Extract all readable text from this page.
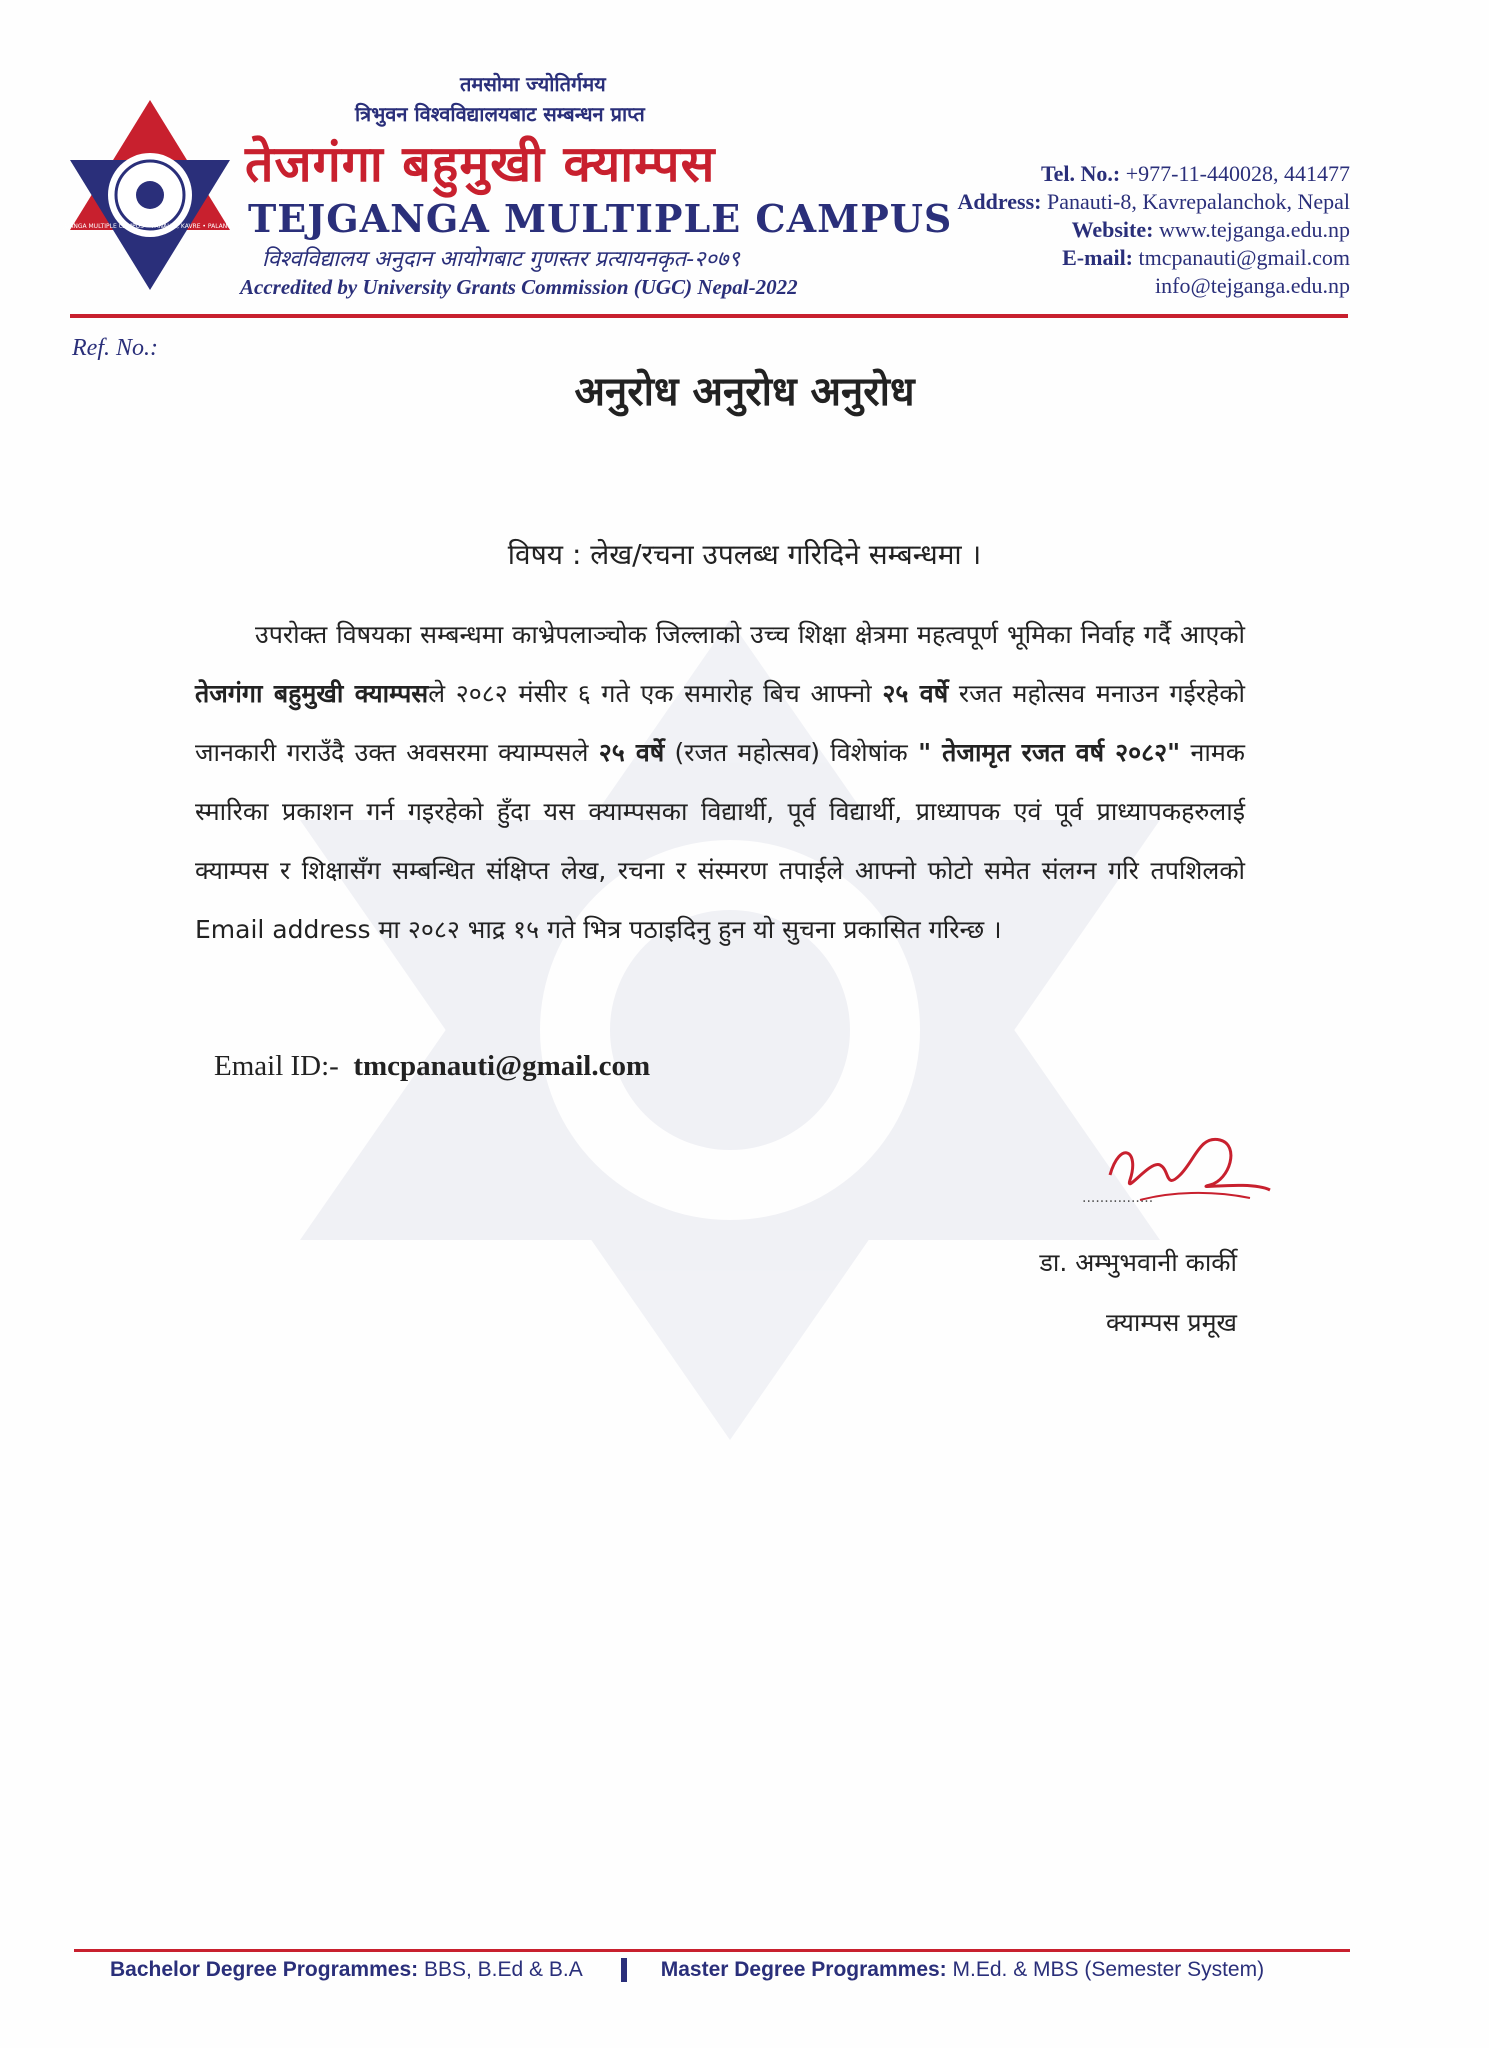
TEJGANGA MULTIPLE CAMPUS • PANAUTI, KAVRE • PALANCHOK
तमसोमा ज्योतिर्गमय
त्रिभुवन विश्वविद्यालयबाट सम्बन्धन प्राप्त
तेजगंगा बहुमुखी क्याम्पस
TEJGANGA MULTIPLE CAMPUS
विश्वविद्यालय अनुदान आयोगबाट गुणस्तर प्रत्यायनकृत-२०७९
Accredited by University Grants Commission (UGC) Nepal-2022
Tel. No.: +977-11-440028, 441477
Address: Panauti-8, Kavrepalanchok, Nepal
Website: www.tejganga.edu.np
E-mail: tmcpanauti@gmail.com
info@tejganga.edu.np
Ref. No.:
अनुरोध अनुरोध अनुरोध
विषय : लेख/रचना उपलब्ध गरिदिने सम्बन्धमा ।
उपरोक्त विषयका सम्बन्धमा काभ्रेपलाञ्चोक जिल्लाको उच्च शिक्षा क्षेत्रमा महत्वपूर्ण भूमिका निर्वाह गर्दै आएको तेजगंगा बहुमुखी क्याम्पसले २०८२ मंसीर ६ गते एक समारोह बिच आफ्नो २५ वर्षे रजत महोत्सव मनाउन गईरहेको जानकारी गराउँदै उक्त अवसरमा क्याम्पसले २५ वर्षे (रजत महोत्सव) विशेषांक " तेजामृत रजत वर्ष २०८२" नामक स्मारिका प्रकाशन गर्न गइरहेको हुँदा यस क्याम्पसका विद्यार्थी, पूर्व विद्यार्थी, प्राध्यापक एवं पूर्व प्राध्यापकहरुलाई क्याम्पस र शिक्षासँग सम्बन्धित संक्षिप्त लेख, रचना र संस्मरण तपाईले आफ्नो फोटो समेत संलग्न गरि तपशिलको Email address मा २०८२ भाद्र १५ गते भित्र पठाइदिनु हुन यो सुचना प्रकासित गरिन्छ ।
Email ID:- tmcpanauti@gmail.com
................
डा. अम्भुभवानी कार्की
क्याम्पस प्रमूख
Bachelor Degree Programmes: BBS, B.Ed & B.A	Master Degree Programmes: M.Ed. & MBS (Semester System)
